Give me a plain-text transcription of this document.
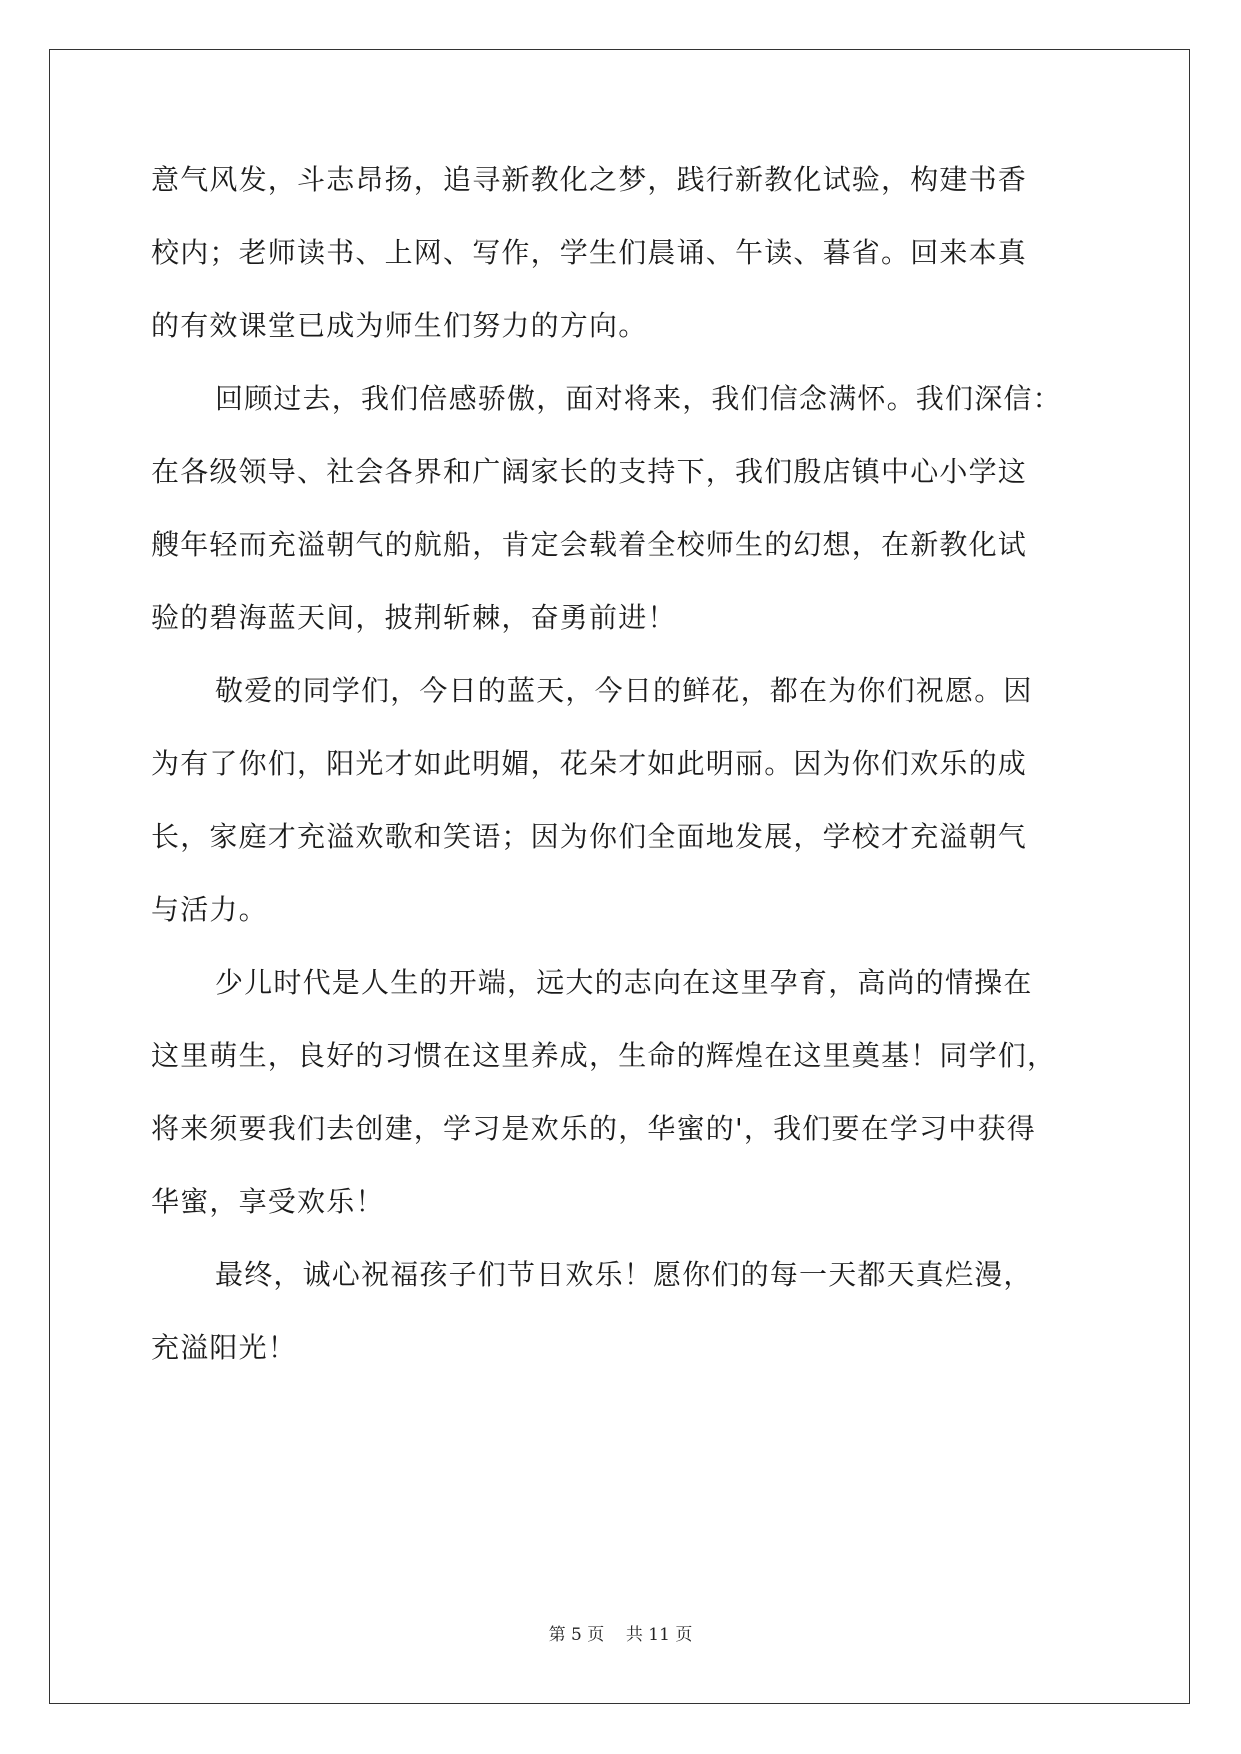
意气风发，斗志昂扬，追寻新教化之梦，践行新教化试验，构建书香
校内；老师读书、上网、写作，学生们晨诵、午读、暮省。回来本真
的有效课堂已成为师生们努力的方向。
回顾过去，我们倍感骄傲，面对将来，我们信念满怀。我们深信：
在各级领导、社会各界和广阔家长的支持下，我们殷店镇中心小学这
艘年轻而充溢朝气的航船，肯定会载着全校师生的幻想，在新教化试
验的碧海蓝天间，披荆斩棘，奋勇前进！
敬爱的同学们，今日的蓝天，今日的鲜花，都在为你们祝愿。因
为有了你们，阳光才如此明媚，花朵才如此明丽。因为你们欢乐的成
长，家庭才充溢欢歌和笑语；因为你们全面地发展，学校才充溢朝气
与活力。
少儿时代是人生的开端，远大的志向在这里孕育，高尚的情操在
这里萌生，良好的习惯在这里养成，生命的辉煌在这里奠基！同学们，
将来须要我们去创建，学习是欢乐的，华蜜的'，我们要在学习中获得
华蜜，享受欢乐！
最终，诚心祝福孩子们节日欢乐！愿你们的每一天都天真烂漫，
充溢阳光！
第 5 页    共 11 页
